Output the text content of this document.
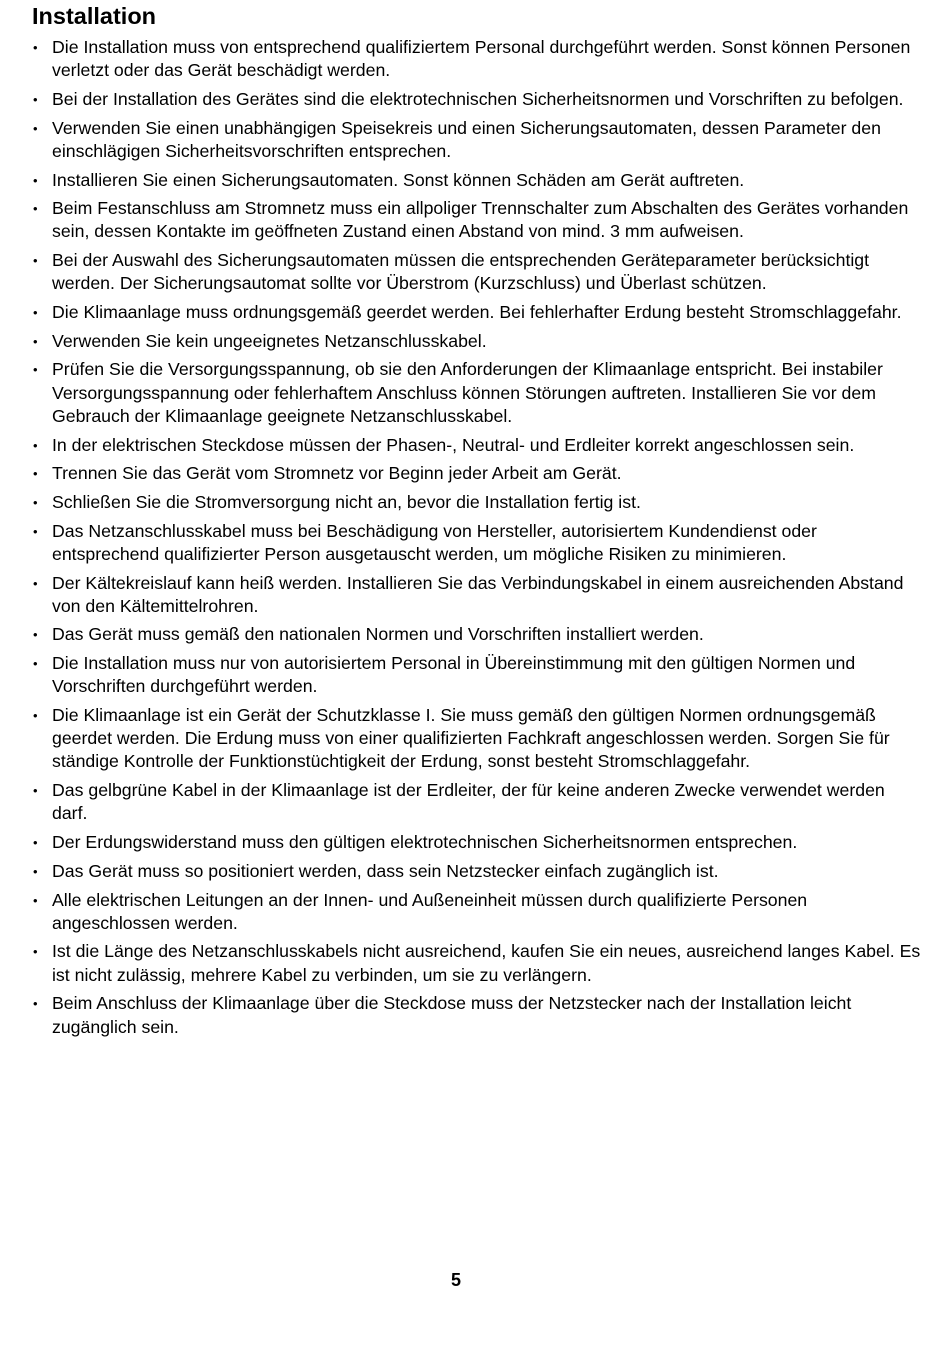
Installation
• Die Installation muss von entsprechend qualifiziertem Personal durchgeführt werden. Sonst können Personen verletzt oder das Gerät beschädigt werden.
• Bei der Installation des Gerätes sind die elektrotechnischen Sicherheitsnormen und Vorschriften zu befolgen.
• Verwenden Sie einen unabhängigen Speisekreis und einen Sicherungsautomaten, dessen Parameter den einschlägigen Sicherheitsvorschriften entsprechen.
• Installieren Sie einen Sicherungsautomaten. Sonst können Schäden am Gerät auftreten.
• Beim Festanschluss am Stromnetz muss ein allpoliger Trennschalter zum Abschalten des Gerätes vorhanden sein, dessen Kontakte im geöffneten Zustand einen Abstand von mind. 3 mm aufweisen.
• Bei der Auswahl des Sicherungsautomaten müssen die entsprechenden Geräteparameter berücksichtigt werden. Der Sicherungsautomat sollte vor Überstrom (Kurzschluss) und Überlast schützen.
• Die Klimaanlage muss ordnungsgemäß geerdet werden. Bei fehlerhafter Erdung besteht Stromschlaggefahr.
• Verwenden Sie kein ungeeignetes Netzanschlusskabel.
• Prüfen Sie die Versorgungsspannung, ob sie den Anforderungen der Klimaanlage entspricht. Bei instabiler Versorgungsspannung oder fehlerhaftem Anschluss können Störungen auftreten. Installieren Sie vor dem Gebrauch der Klimaanlage geeignete Netzanschlusskabel.
• In der elektrischen Steckdose müssen der Phasen-, Neutral- und Erdleiter korrekt angeschlossen sein.
• Trennen Sie das Gerät vom Stromnetz vor Beginn jeder Arbeit am Gerät.
• Schließen Sie die Stromversorgung nicht an, bevor die Installation fertig ist.
• Das Netzanschlusskabel muss bei Beschädigung von Hersteller, autorisiertem Kundendienst oder entsprechend qualifizierter Person ausgetauscht werden, um mögliche Risiken zu minimieren.
• Der Kältekreislauf kann heiß werden. Installieren Sie das Verbindungskabel in einem ausreichenden Abstand von den Kältemittelrohren.
• Das Gerät muss gemäß den nationalen Normen und Vorschriften installiert werden.
• Die Installation muss nur von autorisiertem Personal in Übereinstimmung mit den gültigen Normen und Vorschriften durchgeführt werden.
• Die Klimaanlage ist ein Gerät der Schutzklasse I. Sie muss gemäß den gültigen Normen ordnungsgemäß geerdet werden. Die Erdung muss von einer qualifizierten Fachkraft angeschlossen werden. Sorgen Sie für ständige Kontrolle der Funktionstüchtigkeit der Erdung, sonst besteht Stromschlaggefahr.
• Das gelbgrüne Kabel in der Klimaanlage ist der Erdleiter, der für keine anderen Zwecke verwendet werden darf.
• Der Erdungswiderstand muss den gültigen elektrotechnischen Sicherheitsnormen entsprechen.
• Das Gerät muss so positioniert werden, dass sein Netzstecker einfach zugänglich ist.
• Alle elektrischen Leitungen an der Innen- und Außeneinheit müssen durch qualifizierte Personen angeschlossen werden.
• Ist die Länge des Netzanschlusskabels nicht ausreichend, kaufen Sie ein neues, ausreichend langes Kabel. Es ist nicht zulässig, mehrere Kabel zu verbinden, um sie zu verlängern.
• Beim Anschluss der Klimaanlage über die Steckdose muss der Netzstecker nach der Installation leicht zugänglich sein.
5
